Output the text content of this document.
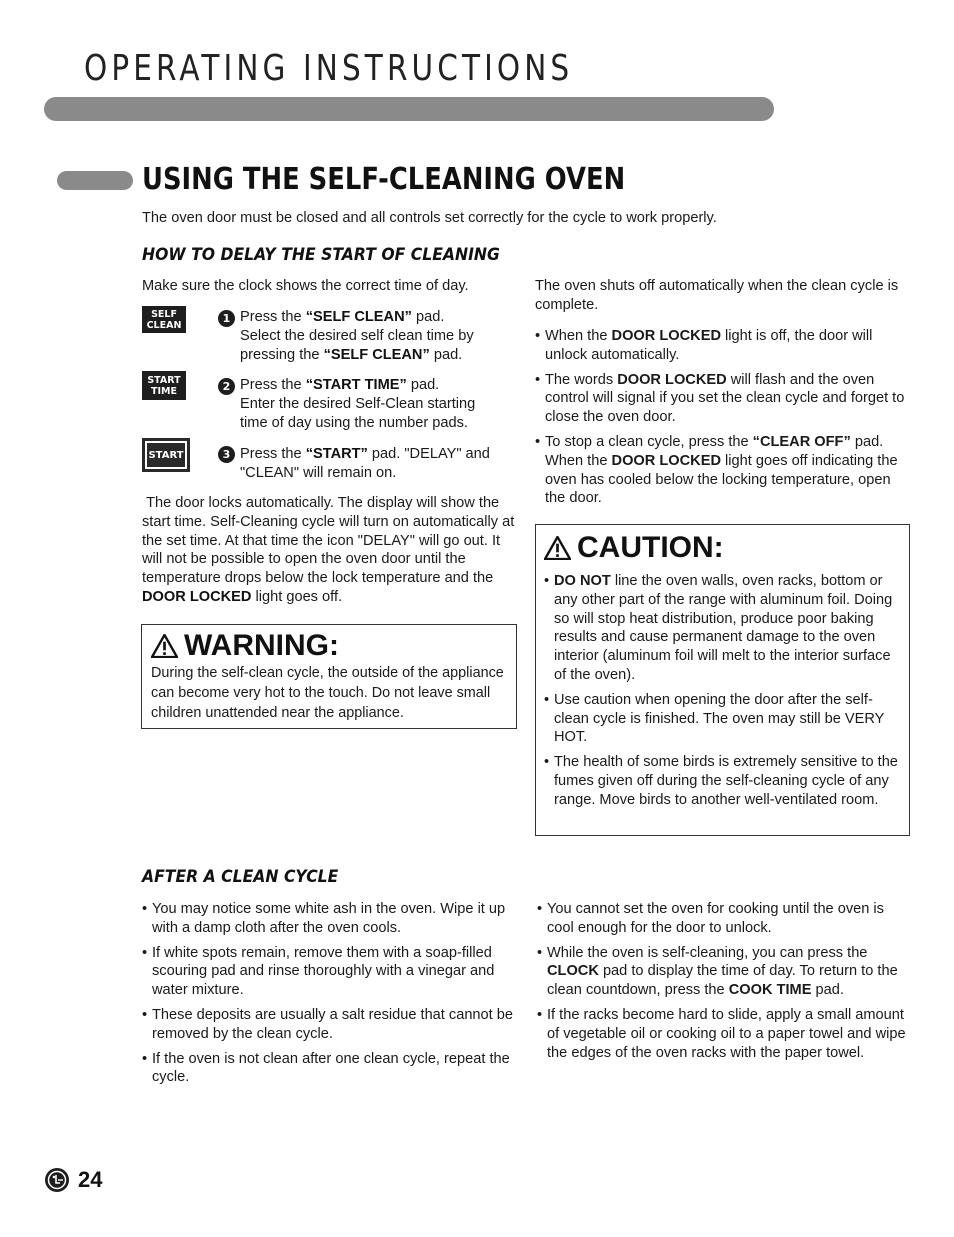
OPERATING INSTRUCTIONS
USING THE SELF-CLEANING OVEN
The oven door must be closed and all controls set correctly for the cycle to work properly.
HOW TO DELAY THE START OF CLEANING
Make sure the clock shows the correct time of day.
SELF
CLEAN	1 Press the “SELF CLEAN” pad.
Select the desired self clean time by
pressing the “SELF CLEAN” pad.
START
TIME	2 Press the “START TIME” pad.
Enter the desired Self-Clean starting
time of day using the number pads.
START	3 Press the “START” pad. "DELAY" and
"CLEAN" will remain on.
The door locks automatically. The display will show the start time. Self-Cleaning cycle will turn on automatically at the set time. At that time the icon "DELAY" will go out. It will not be possible to open the oven door until the temperature drops below the lock temperature and the DOOR LOCKED light goes off.
WARNING:
During the self-clean cycle, the outside of the appliance can become very hot to the touch. Do not leave small children unattended near the appliance.
The oven shuts off automatically when the clean cycle is complete.
• When the DOOR LOCKED light is off, the door will unlock automatically.
• The words DOOR LOCKED will flash and the oven control will signal if you set the clean cycle and forget to close the oven door.
• To stop a clean cycle, press the “CLEAR OFF” pad. When the DOOR LOCKED light goes off indicating the oven has cooled below the locking temperature, open the door.
CAUTION:
• DO NOT line the oven walls, oven racks, bottom or any other part of the range with aluminum foil. Doing so will stop heat distribution, produce poor baking results and cause permanent damage to the oven interior (aluminum foil will melt to the interior surface of the oven).
• Use caution when opening the door after the self-clean cycle is finished. The oven may still be VERY HOT.
• The health of some birds is extremely sensitive to the fumes given off during the self-cleaning cycle of any range. Move birds to another well-ventilated room.
AFTER A CLEAN CYCLE
• You may notice some white ash in the oven. Wipe it up with a damp cloth after the oven cools.
• If white spots remain, remove them with a soap-filled scouring pad and rinse thoroughly with a vinegar and water mixture.
• These deposits are usually a salt residue that cannot be removed by the clean cycle.
• If the oven is not clean after one clean cycle, repeat the cycle.
• You cannot set the oven for cooking until the oven is cool enough for the door to unlock.
• While the oven is self-cleaning, you can press the CLOCK pad to display the time of day. To return to the clean countdown, press the COOK TIME pad.
• If the racks become hard to slide, apply a small amount of vegetable oil or cooking oil to a paper towel and wipe the edges of the oven racks with the paper towel.
24
